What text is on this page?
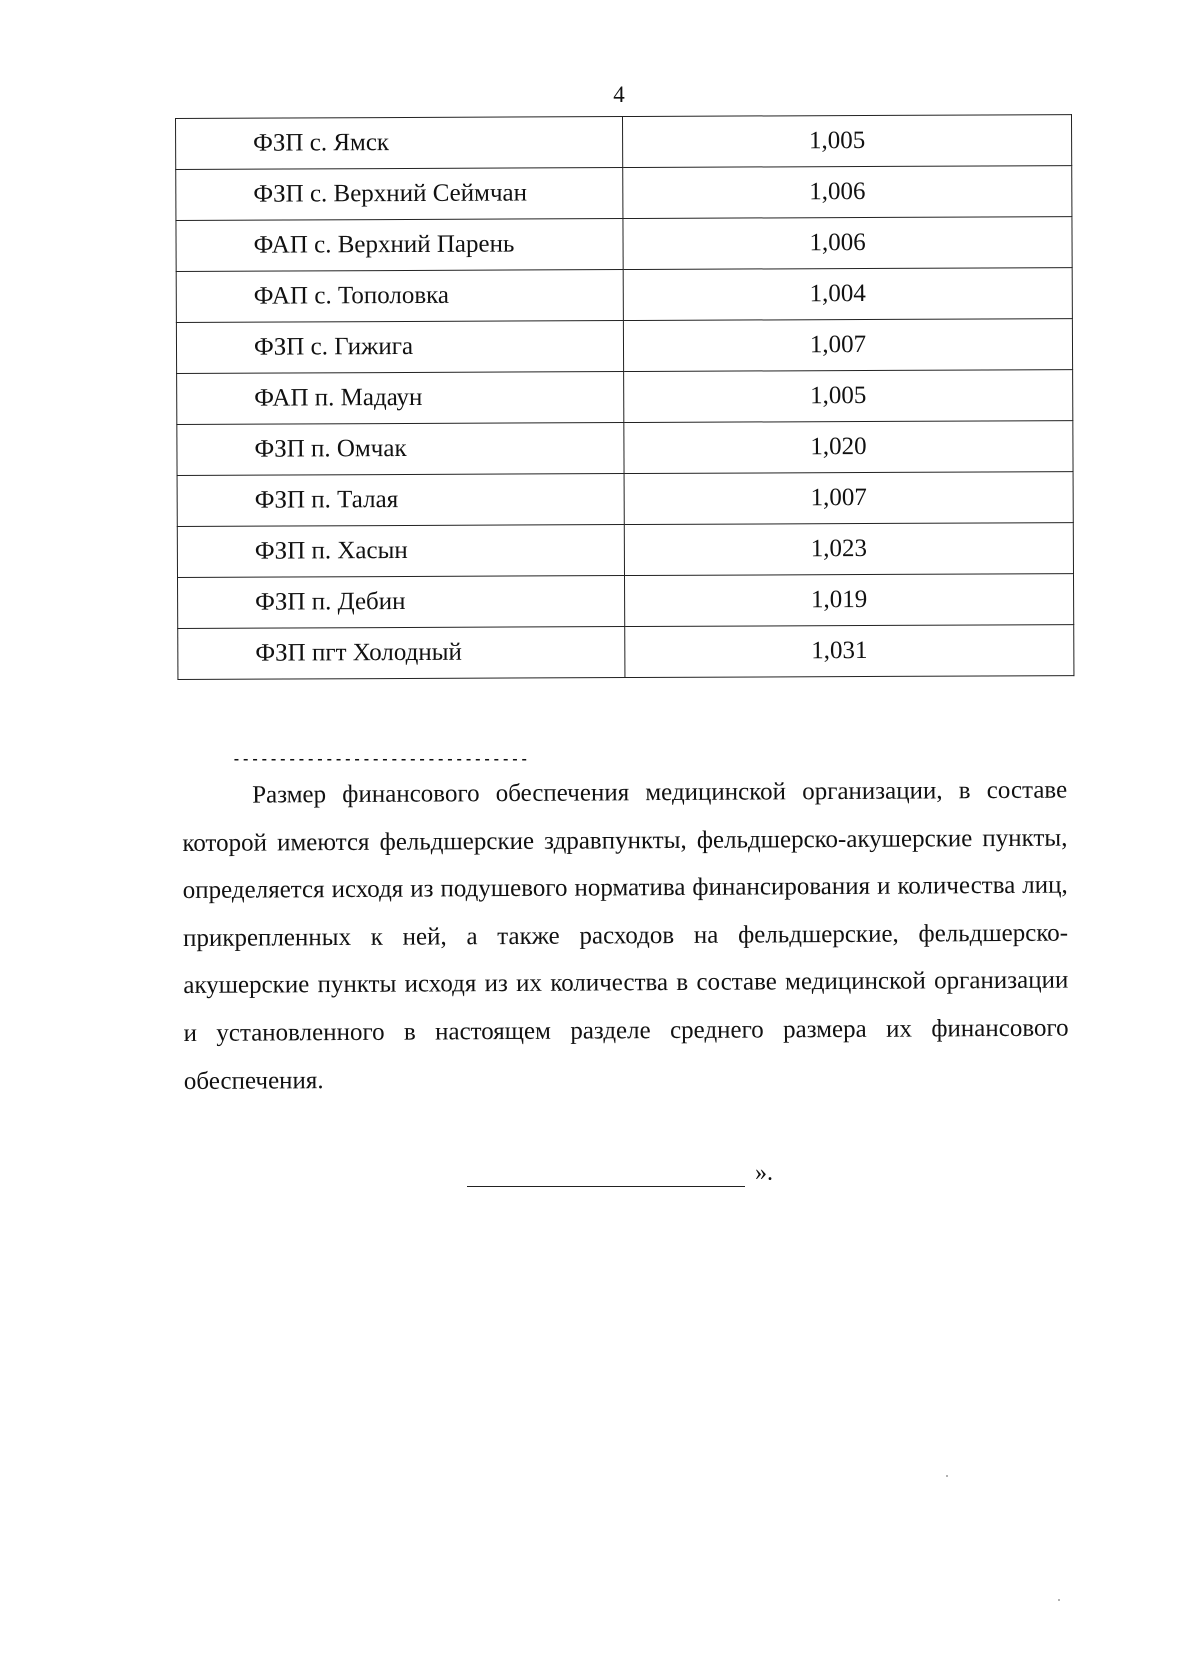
4
ФЗП с. Ямск	1,005
ФЗП с. Верхний Сеймчан	1,006
ФАП с. Верхний Парень	1,006
ФАП с. Тополовка	1,004
ФЗП с. Гижига	1,007
ФАП п. Мадаун	1,005
ФЗП п. Омчак	1,020
ФЗП п. Талая	1,007
ФЗП п. Хасын	1,023
ФЗП п. Дебин	1,019
ФЗП пгт Холодный	1,031
--------------------------------
Размер финансового обеспечения медицинской организации, в составе которой имеются фельдшерские здравпункты, фельдшерско-акушерские пункты, определяется исходя из подушевого норматива финансирования и количества лиц, прикрепленных к ней, а также расходов на фельдшерские, фельдшерско-акушерские пункты исходя из их количества в составе медицинской организации и установленного в настоящем разделе среднего размера их финансового обеспечения.
».
